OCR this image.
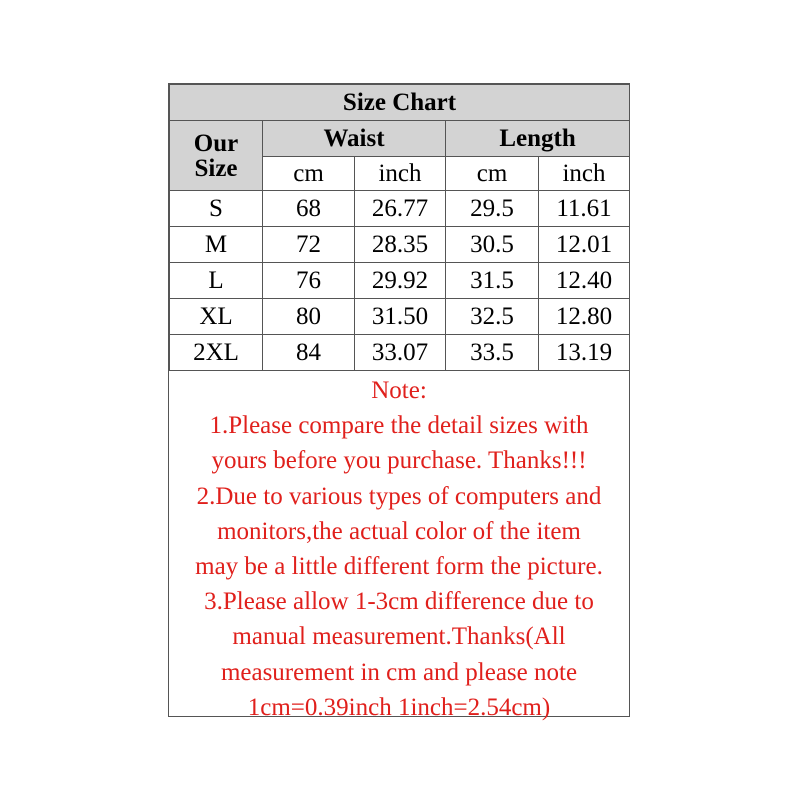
Size Chart				

Our
Size	Waist		Length	
	cm	inch	cm	inch
S	68	26.77	29.5	11.61
M	72	28.35	30.5	12.01
L	76	29.92	31.5	12.40
XL	80	31.50	32.5	12.80
2XL	84	33.07	33.5	13.19
Note:
1.Please compare the detail sizes with
yours before you purchase. Thanks!!!
2.Due to various types of computers and
monitors,the actual color of the item
may be a little different form the picture.
3.Please allow 1-3cm difference due to
manual measurement.Thanks(All
measurement in cm and please note
1cm=0.39inch 1inch=2.54cm)
